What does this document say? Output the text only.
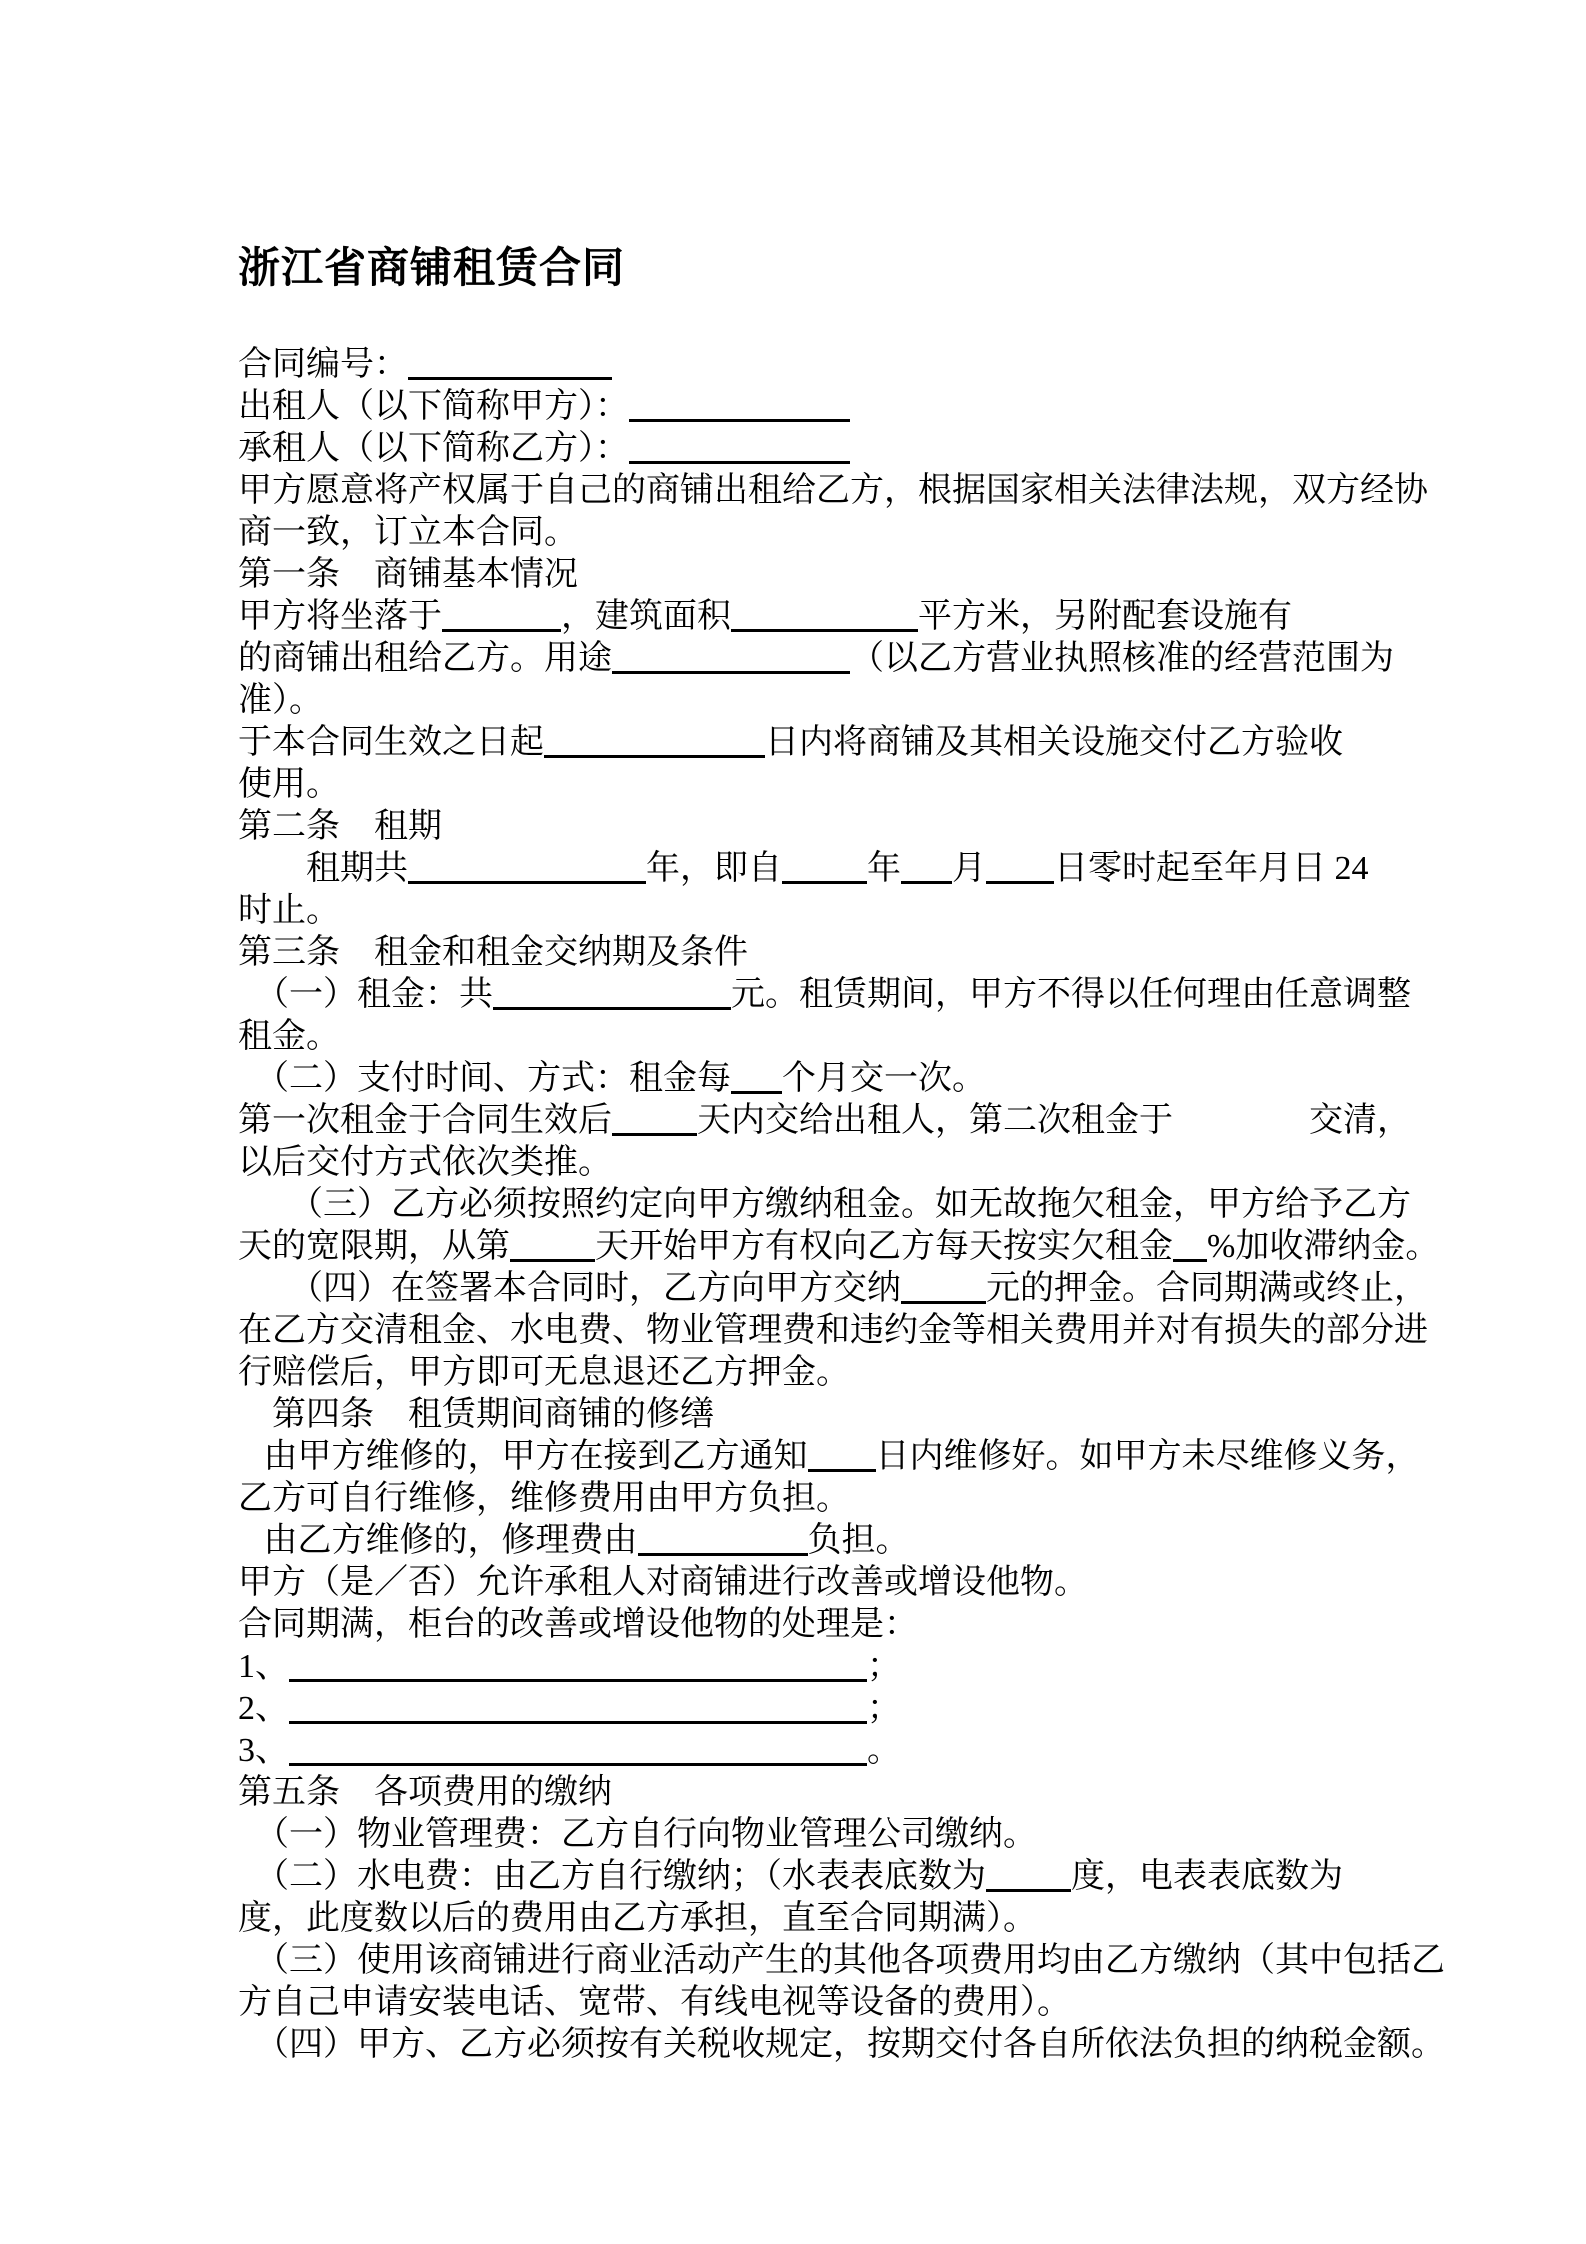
浙江省商铺租赁合同
合同编号：
出租人（以下简称甲方）：
承租人（以下简称乙方）：
甲方愿意将产权属于自己的商铺出租给乙方，根据国家相关法律法规，双方经协
商一致，订立本合同。
第一条　商铺基本情况
甲方将坐落于	，建筑面积	平方米，另附配套设施有
的商铺出租给乙方。用途	（以乙方营业执照核准的经营范围为
准）。
于本合同生效之日起	日内将商铺及其相关设施交付乙方验收
使用。
第二条　租期
　　租期共	年，即自	年 月 日零时起至年月日 24
时止。
第三条　租金和租金交纳期及条件
（一）租金：共	元。租赁期间，甲方不得以任何理由任意调整
租金。
（二）支付时间、方式：租金每 个月交一次。
第一次租金于合同生效后	天内交给出租人，第二次租金于　　　　交清，
以后交付方式依次类推。
　　（三）乙方必须按照约定向甲方缴纳租金。如无故拖欠租金，甲方给予乙方
天的宽限期，从第	天开始甲方有权向乙方每天按实欠租金 %加收滞纳金。
　　（四）在签署本合同时，乙方向甲方交纳	元的押金。合同期满或终止，
在乙方交清租金、水电费、物业管理费和违约金等相关费用并对有损失的部分进
行赔偿后，甲方即可无息退还乙方押金。
　第四条　租赁期间商铺的修缮
由甲方维修的，甲方在接到乙方通知 日内维修好。如甲方未尽维修义务，
乙方可自行维修，维修费用由甲方负担。
由乙方维修的，修理费由	负担。
甲方（是／否）允许承租人对商铺进行改善或增设他物。
合同期满，柜台的改善或增设他物的处理是：
1、	；
2、	；
3、	。
第五条　各项费用的缴纳
（一）物业管理费：乙方自行向物业管理公司缴纳。
（二）水电费：由乙方自行缴纳；（水表表底数为	度，电表表底数为
度，此度数以后的费用由乙方承担，直至合同期满）。
（三）使用该商铺进行商业活动产生的其他各项费用均由乙方缴纳（其中包括乙
方自己申请安装电话、宽带、有线电视等设备的费用）。
（四）甲方、乙方必须按有关税收规定，按期交付各自所依法负担的纳税金额。
